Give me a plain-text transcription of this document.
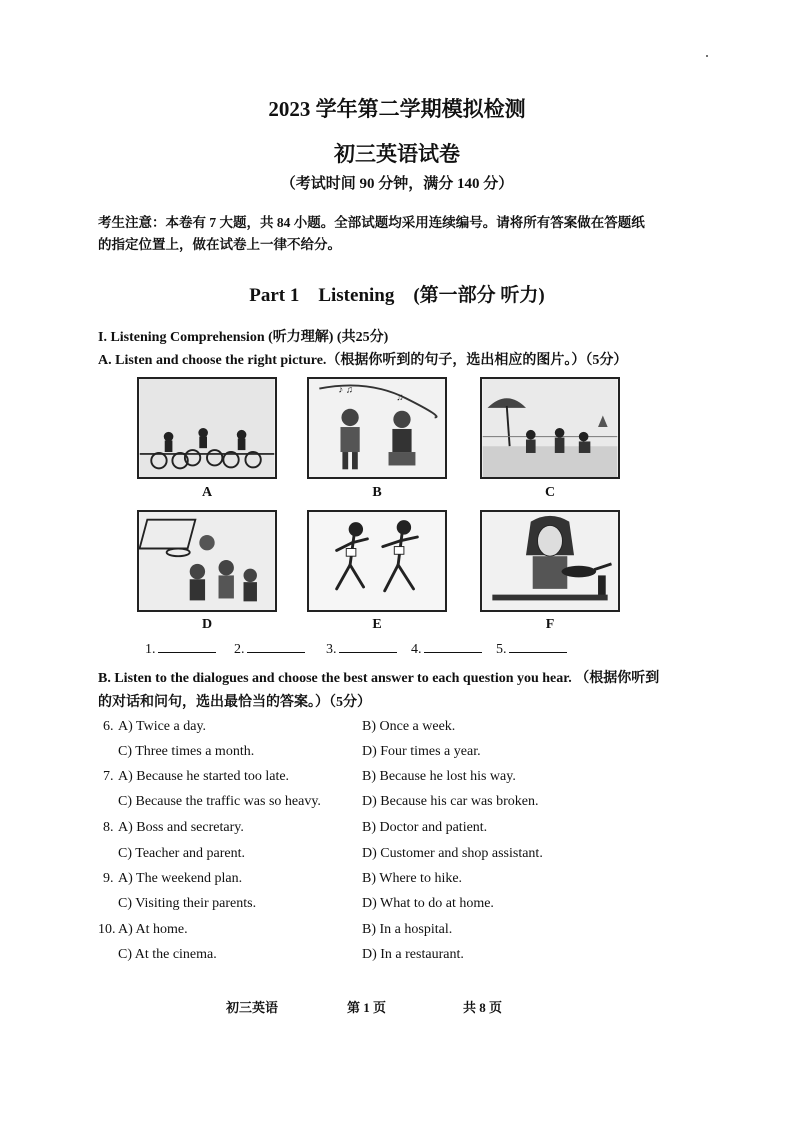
2023 学年第二学期模拟检测
初三英语试卷
（考试时间 90 分钟，满分 140 分）
考生注意：本卷有 7 大题，共 84 小题。全部试题均采用连续编号。请将所有答案做在答题纸
的指定位置上，做在试卷上一律不给分。
Part 1　Listening　(第一部分 听力)
I. Listening Comprehension (听力理解) (共25分)
A. Listen and choose the right picture.（根据你听到的句子，选出相应的图片。）（5分）
♪ ♫
♫
A	B	C
D	E	F
1.	2.	3.	4.	5.
B. Listen to the dialogues and choose the best answer to each question you hear. （根据你听到
的对话和问句，选出最恰当的答案。）（5分）
6. A) Twice a day.	B) Once a week.
C) Three times a month.	D) Four times a year.
7. A) Because he started too late.	B) Because he lost his way.
C) Because the traffic was so heavy.	D) Because his car was broken.
8. A) Boss and secretary.	B) Doctor and patient.
C) Teacher and parent.	D) Customer and shop assistant.
9. A) The weekend plan.	B) Where to hike.
C) Visiting their parents.	D) What to do at home.
10. A) At home.	B) In a hospital.
C) At the cinema.	D) In a restaurant.
初三英语	第 1 页	共 8 页
